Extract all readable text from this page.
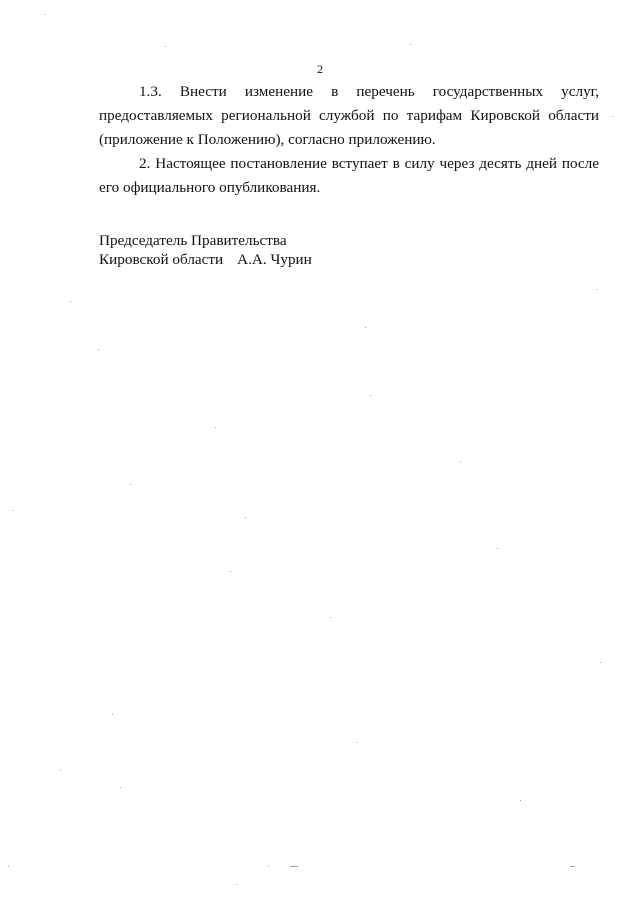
2

1.3. Внести изменение в перечень государственных услуг, предоставляемых региональной службой по тарифам Кировской области (приложение к Положению), согласно приложению.

2. Настоящее постановление вступает в силу через десять дней после его официального опубликования.

Председатель Правительства
Кировской области А.А. Чурин
